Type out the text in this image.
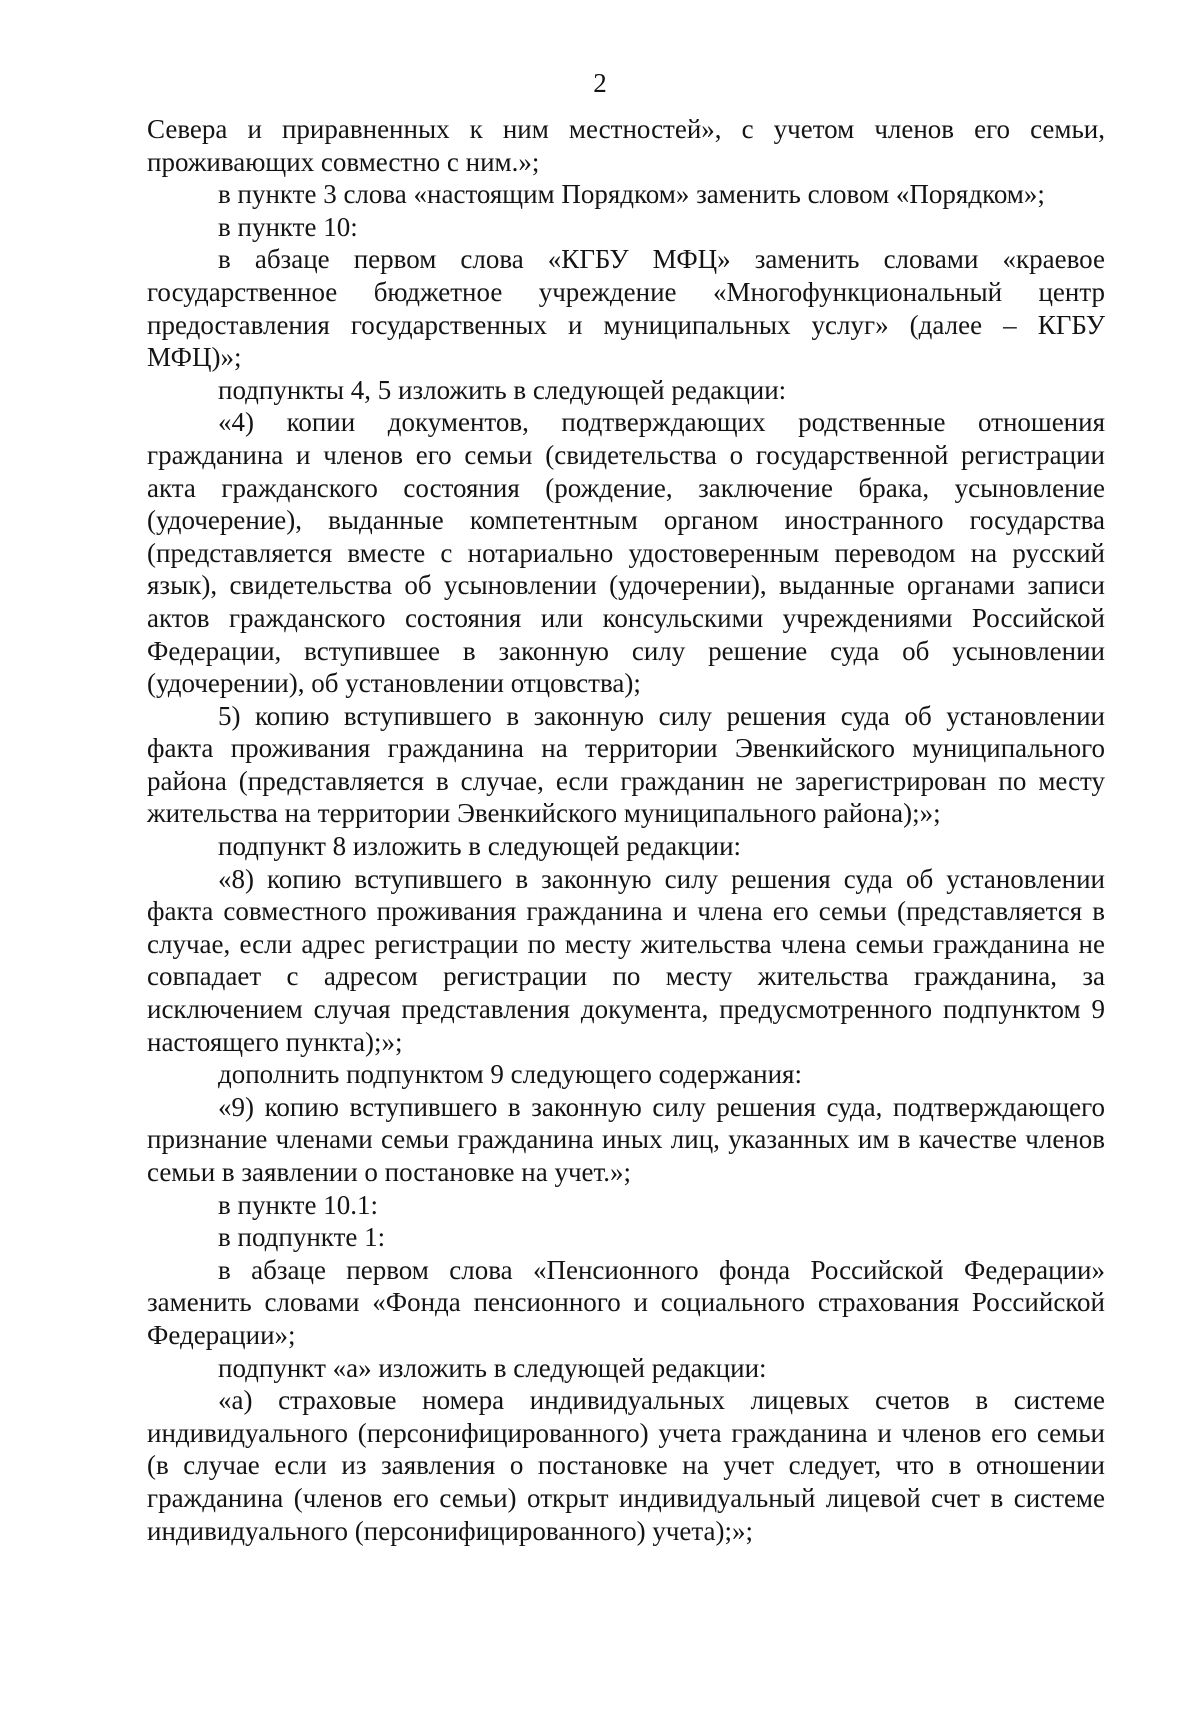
2

Севера и приравненных к ним местностей», с учетом членов его семьи, проживающих совместно с ним.»;

в пункте 3 слова «настоящим Порядком» заменить словом «Порядком»;

в пункте 10:

в абзаце первом слова «КГБУ МФЦ» заменить словами «краевое государственное бюджетное учреждение «Многофункциональный центр предоставления государственных и муниципальных услуг» (далее – КГБУ МФЦ)»;

подпункты 4, 5 изложить в следующей редакции:

«4) копии документов, подтверждающих родственные отношения гражданина и членов его семьи (свидетельства о государственной регистрации акта гражданского состояния (рождение, заключение брака, усыновление (удочерение), выданные компетентным органом иностранного государства (представляется вместе с нотариально удостоверенным переводом на русский язык), свидетельства об усыновлении (удочерении), выданные органами записи актов гражданского состояния или консульскими учреждениями Российской Федерации, вступившее в законную силу решение суда об усыновлении (удочерении), об установлении отцовства);

5) копию вступившего в законную силу решения суда об установлении факта проживания гражданина на территории Эвенкийского муниципального района (представляется в случае, если гражданин не зарегистрирован по месту жительства на территории Эвенкийского муниципального района);»;

подпункт 8 изложить в следующей редакции:

«8) копию вступившего в законную силу решения суда об установлении факта совместного проживания гражданина и члена его семьи (представляется в случае, если адрес регистрации по месту жительства члена семьи гражданина не совпадает с адресом регистрации по месту жительства гражданина, за исключением случая представления документа, предусмотренного подпунктом 9 настоящего пункта);»;

дополнить подпунктом 9 следующего содержания:

«9) копию вступившего в законную силу решения суда, подтверждающего признание членами семьи гражданина иных лиц, указанных им в качестве членов семьи в заявлении о постановке на учет.»;

в пункте 10.1:

в подпункте 1:

в абзаце первом слова «Пенсионного фонда Российской Федерации» заменить словами «Фонда пенсионного и социального страхования Российской Федерации»;

подпункт «а» изложить в следующей редакции:

«а) страховые номера индивидуальных лицевых счетов в системе индивидуального (персонифицированного) учета гражданина и членов его семьи (в случае если из заявления о постановке на учет следует, что в отношении гражданина (членов его семьи) открыт индивидуальный лицевой счет в системе индивидуального (персонифицированного) учета);»;
